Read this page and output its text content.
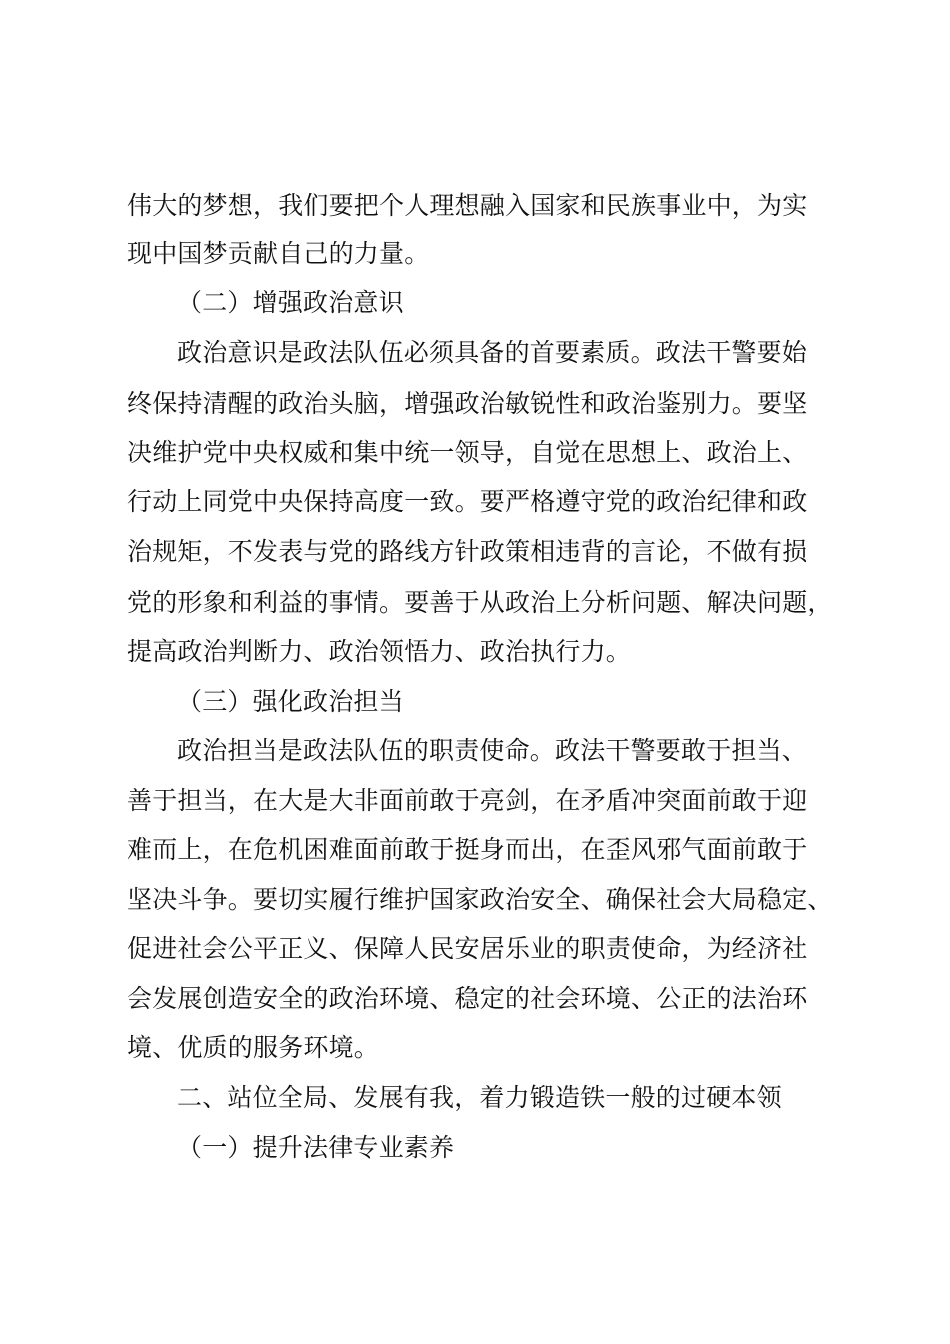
伟大的梦想，我们要把个人理想融入国家和民族事业中，为实
现中国梦贡献自己的力量。
（二）增强政治意识
政治意识是政法队伍必须具备的首要素质。政法干警要始
终保持清醒的政治头脑，增强政治敏锐性和政治鉴别力。要坚
决维护党中央权威和集中统一领导，自觉在思想上、政治上、
行动上同党中央保持高度一致。要严格遵守党的政治纪律和政
治规矩，不发表与党的路线方针政策相违背的言论，不做有损
党的形象和利益的事情。要善于从政治上分析问题、解决问题，
提高政治判断力、政治领悟力、政治执行力。
（三）强化政治担当
政治担当是政法队伍的职责使命。政法干警要敢于担当、
善于担当，在大是大非面前敢于亮剑，在矛盾冲突面前敢于迎
难而上，在危机困难面前敢于挺身而出，在歪风邪气面前敢于
坚决斗争。要切实履行维护国家政治安全、确保社会大局稳定、
促进社会公平正义、保障人民安居乐业的职责使命，为经济社
会发展创造安全的政治环境、稳定的社会环境、公正的法治环
境、优质的服务环境。
二、站位全局、发展有我，着力锻造铁一般的过硬本领
（一）提升法律专业素养
